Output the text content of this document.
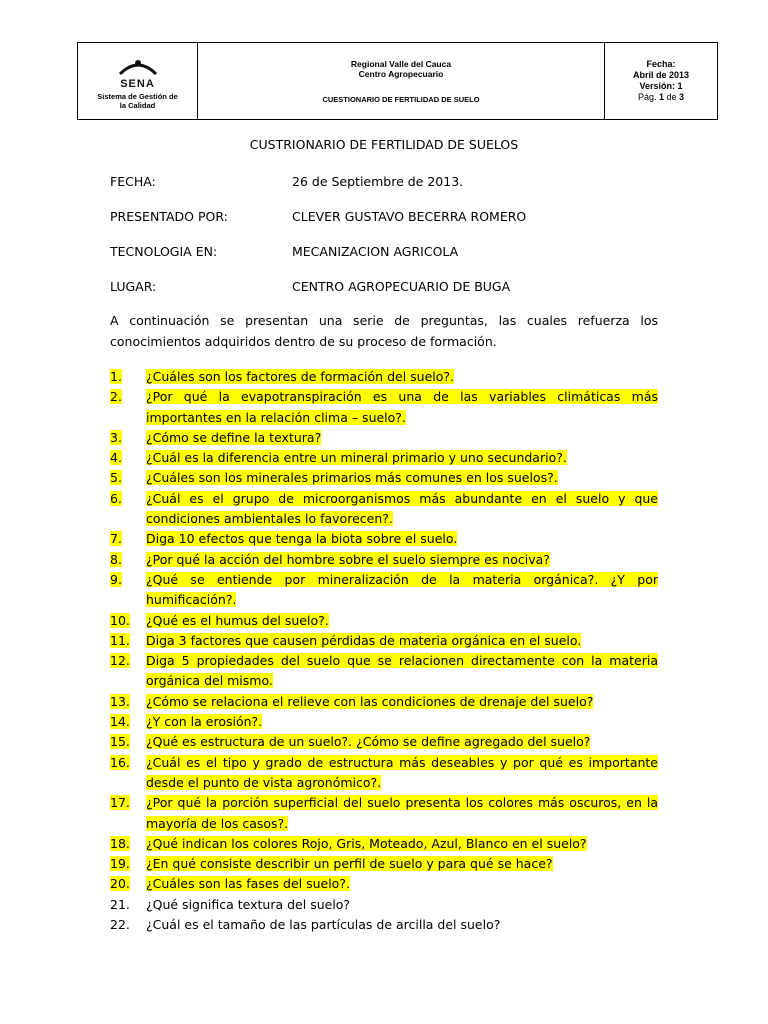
SENA
Sistema de Gestión de la Calidad
Regional Valle del Cauca
Centro Agropecuario
CUESTIONARIO DE FERTILIDAD DE SUELO
Fecha:
Abril de 2013
Versión: 1
Pág. 1 de 3
CUSTRIONARIO DE FERTILIDAD DE SUELOS
FECHA:	26 de Septiembre de 2013.
PRESENTADO POR:	CLEVER GUSTAVO BECERRA ROMERO
TECNOLOGIA EN:	MECANIZACION AGRICOLA
LUGAR:	CENTRO AGROPECUARIO DE BUGA
A continuación se presentan una serie de preguntas, las cuales refuerza los conocimientos adquiridos dentro de su proceso de formación.
1.	¿Cuáles son los factores de formación del suelo?.
2.	¿Por qué la evapotranspiración es una de las variables climáticas más importantes en la relación clima – suelo?.
3.	¿Cómo se define la textura?
4.	¿Cuál es la diferencia entre un mineral primario y uno secundario?.
5.	¿Cuáles son los minerales primarios más comunes en los suelos?.
6.	¿Cuál es el grupo de microorganismos más abundante en el suelo y que condiciones ambientales lo favorecen?.
7.	Diga 10 efectos que tenga la biota sobre el suelo.
8.	¿Por qué la acción del hombre sobre el suelo siempre es nociva?
9.	¿Qué se entiende por mineralización de la materia orgánica?. ¿Y por humificación?.
10.	¿Qué es el humus del suelo?.
11.	Diga 3 factores que causen pérdidas de materia orgánica en el suelo.
12.	Diga 5 propiedades del suelo que se relacionen directamente con la materia orgánica del mismo.
13.	¿Cómo se relaciona el relieve con las condiciones de drenaje del suelo?
14.	¿Y con la erosión?.
15.	¿Qué es estructura de un suelo?. ¿Cómo se define agregado del suelo?
16.	¿Cuál es el tipo y grado de estructura más deseables y por qué es importante desde el punto de vista agronómico?.
17.	¿Por qué la porción superficial del suelo presenta los colores más oscuros, en la mayoría de los casos?.
18.	¿Qué indican los colores Rojo, Gris, Moteado, Azul, Blanco en el suelo?
19.	¿En qué consiste describir un perfil de suelo y para qué se hace?
20.	¿Cuáles son las fases del suelo?.
21.	¿Qué significa textura del suelo?
22.	¿Cuál es el tamaño de las partículas de arcilla del suelo?
